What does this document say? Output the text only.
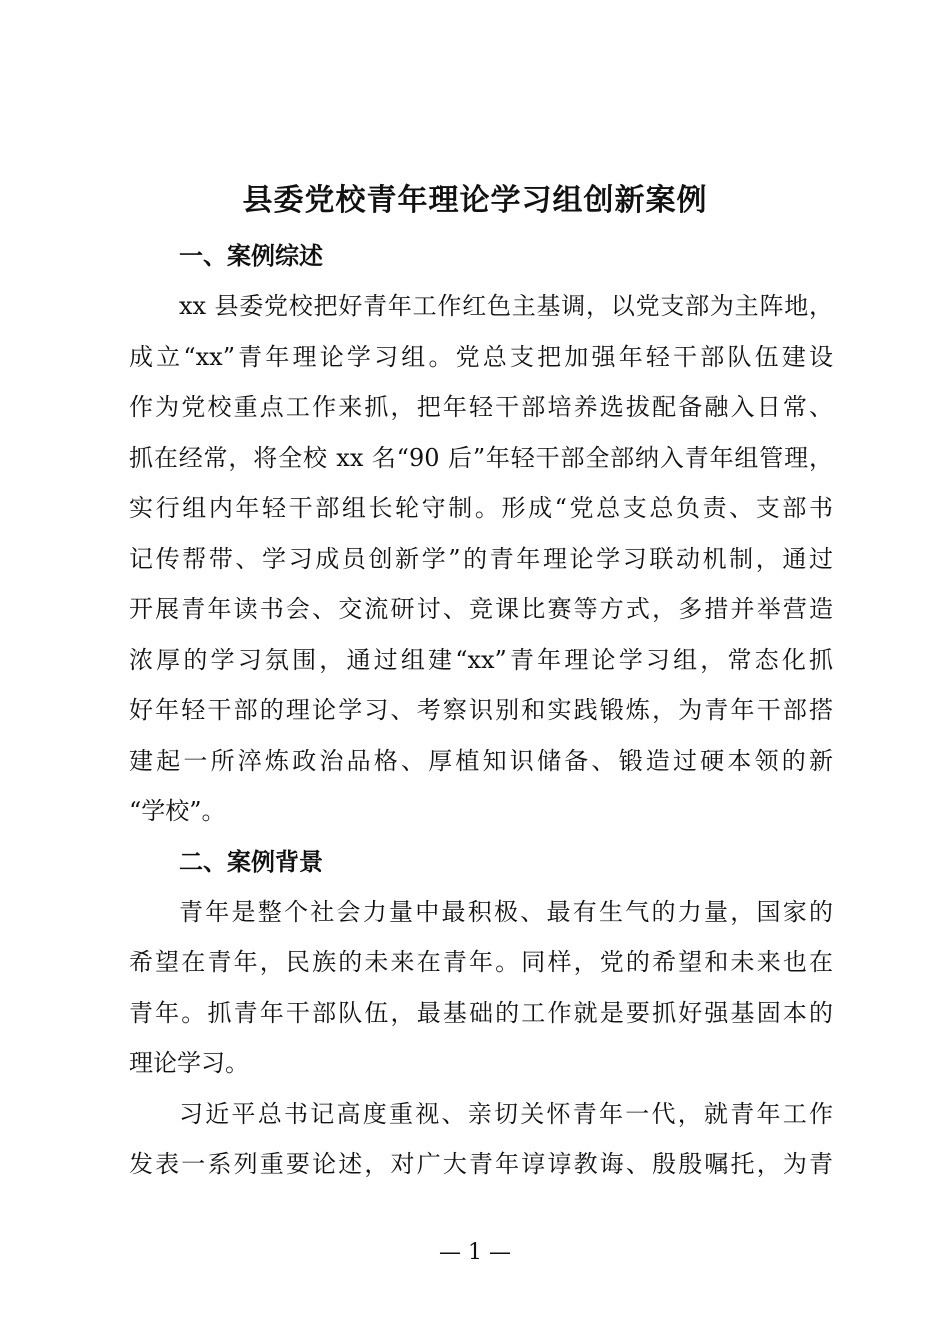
县委党校青年理论学习组创新案例
一、案例综述

xx 县委党校把好青年工作红色主基调，以党支部为主阵地，
成立“xx”青年理论学习组。党总支把加强年轻干部队伍建设
作为党校重点工作来抓，把年轻干部培养选拔配备融入日常、
抓在经常，将全校 xx 名“90 后”年轻干部全部纳入青年组管理，
实行组内年轻干部组长轮守制。形成“党总支总负责、支部书
记传帮带、学习成员创新学”的青年理论学习联动机制，通过
开展青年读书会、交流研讨、竞课比赛等方式，多措并举营造
浓厚的学习氛围，通过组建“xx”青年理论学习组，常态化抓
好年轻干部的理论学习、考察识别和实践锻炼，为青年干部搭
建起一所淬炼政治品格、厚植知识储备、锻造过硬本领的新
“学校”。

二、案例背景

青年是整个社会力量中最积极、最有生气的力量，国家的
希望在青年，民族的未来在青年。同样，党的希望和未来也在
青年。抓青年干部队伍，最基础的工作就是要抓好强基固本的
理论学习。

习近平总书记高度重视、亲切关怀青年一代，就青年工作
发表一系列重要论述，对广大青年谆谆教诲、殷殷嘱托，为青

— 1 —
